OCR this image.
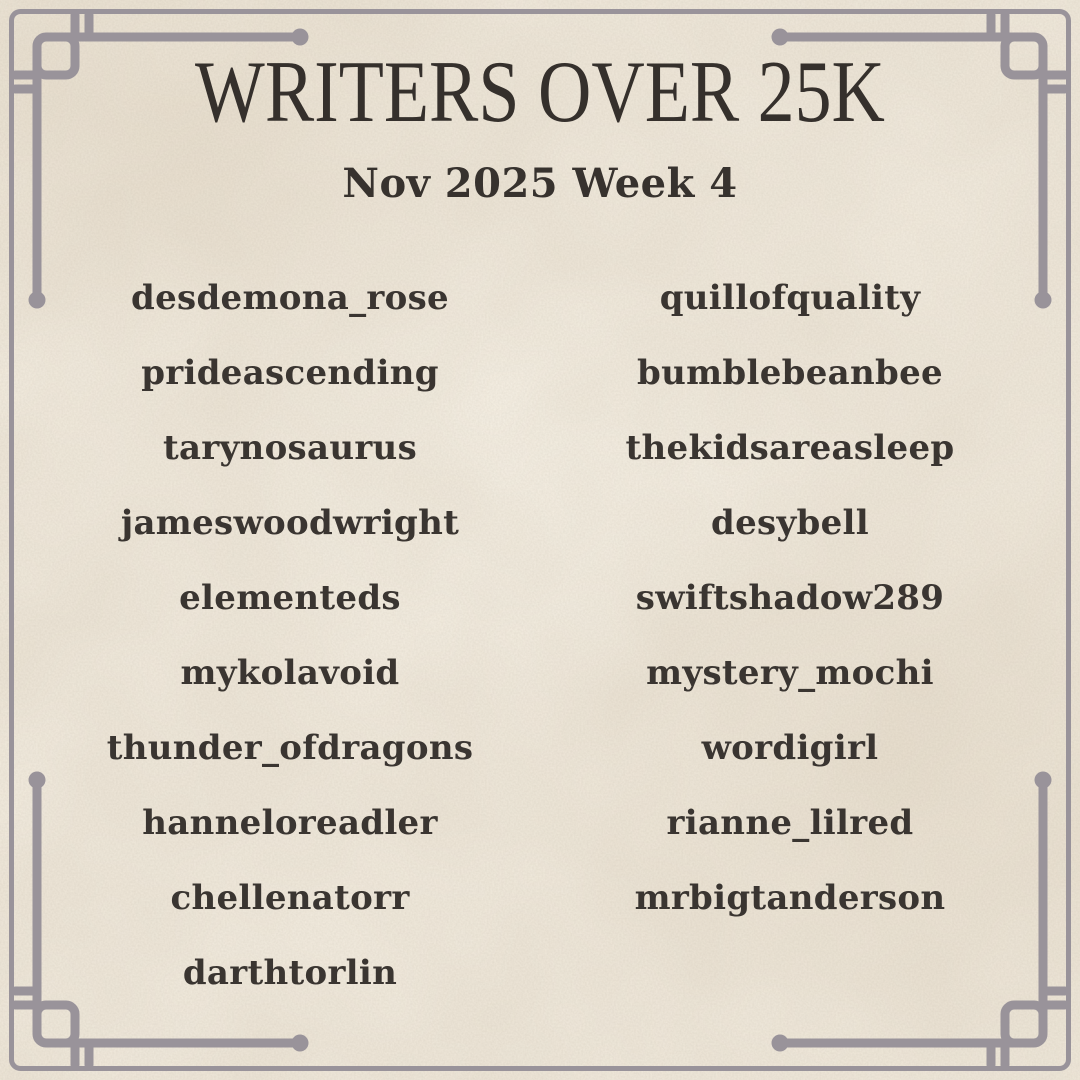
WRITERS OVER 25K
Nov 2025 Week 4
desdemona_rose
prideascending
tarynosaurus
jameswoodwright
elementeds
mykolavoid
thunder_ofdragons
hanneloreadler
chellenatorr
darthtorlin
quillofquality
bumblebeanbee
thekidsareasleep
desybell
swiftshadow289
mystery_mochi
wordigirl
rianne_lilred
mrbigtanderson
